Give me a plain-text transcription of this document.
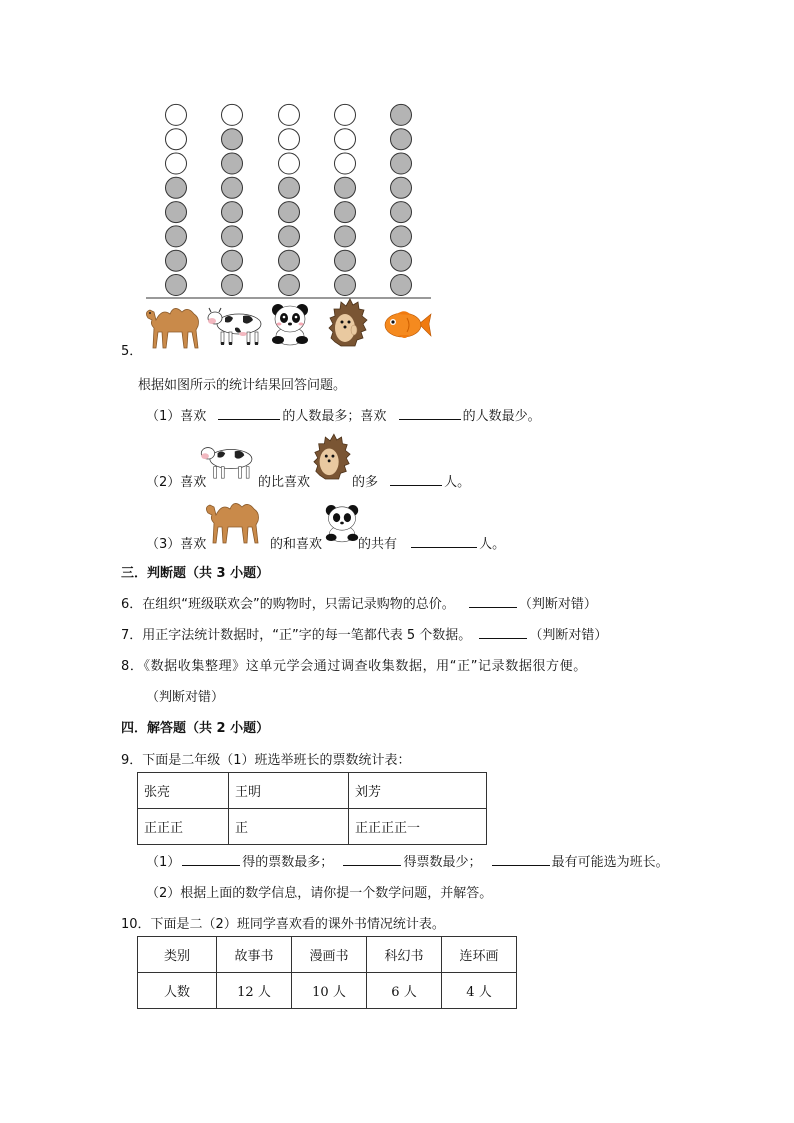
5．
根据如图所示的统计结果回答问题。
（1）喜欢	的人数最多；喜欢	的人数最少。
（2）喜欢	的比喜欢	的多	人。
（3）喜欢	的和喜欢	的共有	人。
三．判断题（共 3 小题）
6．在组织“班级联欢会”的购物时，只需记录购物的总价。	（判断对错）
7．用正字法统计数据时，“正”字的每一笔都代表 5 个数据。	（判断对错）
8．《数据收集整理》这单元学会通过调查收集数据，用“正”记录数据很方便。
（判断对错）
四．解答题（共 2 小题）
9．下面是二年级（1）班选举班长的票数统计表：
张亮	王明	刘芳
正正正	正	正正正正一
（1）	得的票数最多；	得票数最少；	最有可能选为班长。
（2）根据上面的数学信息，请你提一个数学问题，并解答。
10．下面是二（2）班同学喜欢看的课外书情况统计表。
类别	故事书	漫画书	科幻书	连环画
人数	12 人	10 人	6 人	4 人
